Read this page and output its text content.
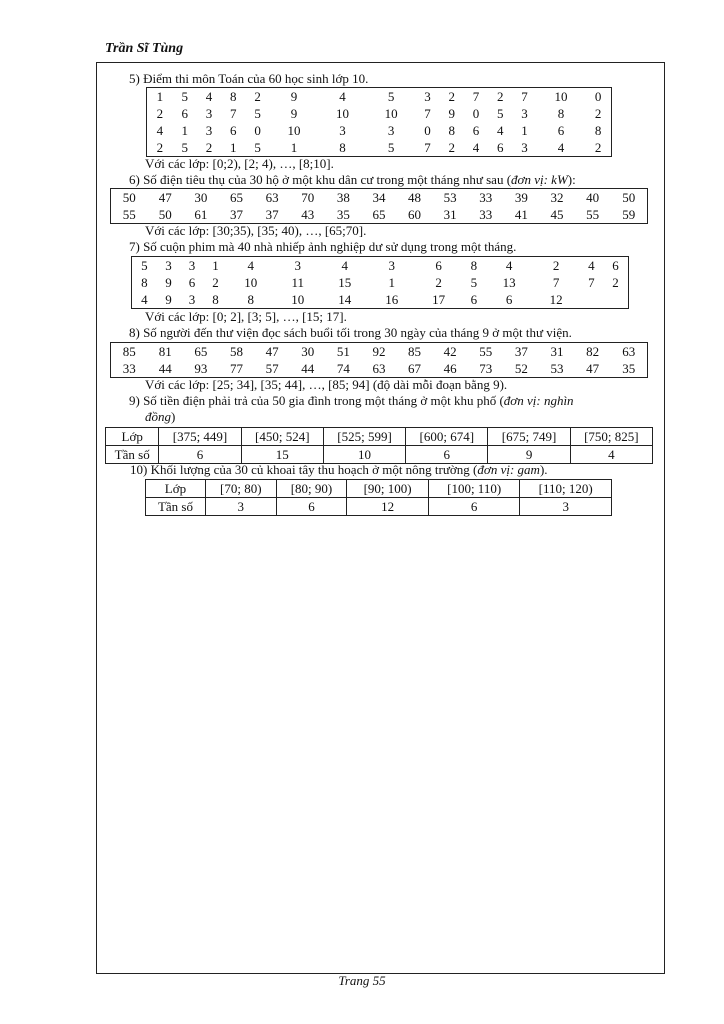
Trần Sĩ Tùng
5) Điểm thi môn Toán của 60 học sinh lớp 10.
1	5	4	8	2	9	4	5	3	2	7	2	7	10	0
2	6	3	7	5	9	10	10	7	9	0	5	3	8	2
4	1	3	6	0	10	3	3	0	8	6	4	1	6	8
2	5	2	1	5	1	8	5	7	2	4	6	3	4	2
Với các lớp: [0;2), [2; 4), …, [8;10].
6) Số điện tiêu thụ của 30 hộ ở một khu dân cư trong một tháng như sau (đơn vị: kW):
50	47	30	65	63	70	38	34	48	53	33	39	32	40	50
55	50	61	37	37	43	35	65	60	31	33	41	45	55	59
Với các lớp: [30;35), [35; 40), …, [65;70].
7) Số cuộn phim mà 40 nhà nhiếp ảnh nghiệp dư sử dụng trong một tháng.
5	3	3	1	4	3	4	3	6	8	4	2	4	6
8	9	6	2	10	11	15	1	2	5	13	7	7	2
4	9	3	8	8	10	14	16	17	6	6	12		
Với các lớp: [0; 2], [3; 5], …, [15; 17].
8) Số người đến thư viện đọc sách buổi tối trong 30 ngày của tháng 9 ở một thư viện.
85	81	65	58	47	30	51	92	85	42	55	37	31	82	63
33	44	93	77	57	44	74	63	67	46	73	52	53	47	35
Với các lớp: [25; 34], [35; 44], …, [85; 94] (độ dài mỗi đoạn bằng 9).
9) Số tiền điện phải trả của 50 gia đình trong một tháng ở một khu phố (đơn vị: nghìn
đồng)
Lớp	[375; 449]	[450; 524]	[525; 599]	[600; 674]	[675; 749]	[750; 825]
Tần số	6	15	10	6	9	4
10) Khối lượng của 30 củ khoai tây thu hoạch ở một nông trường (đơn vị: gam).
Lớp	[70; 80)	[80; 90)	[90; 100)	[100; 110)	[110; 120)
Tần số	3	6	12	6	3
Trang 55
